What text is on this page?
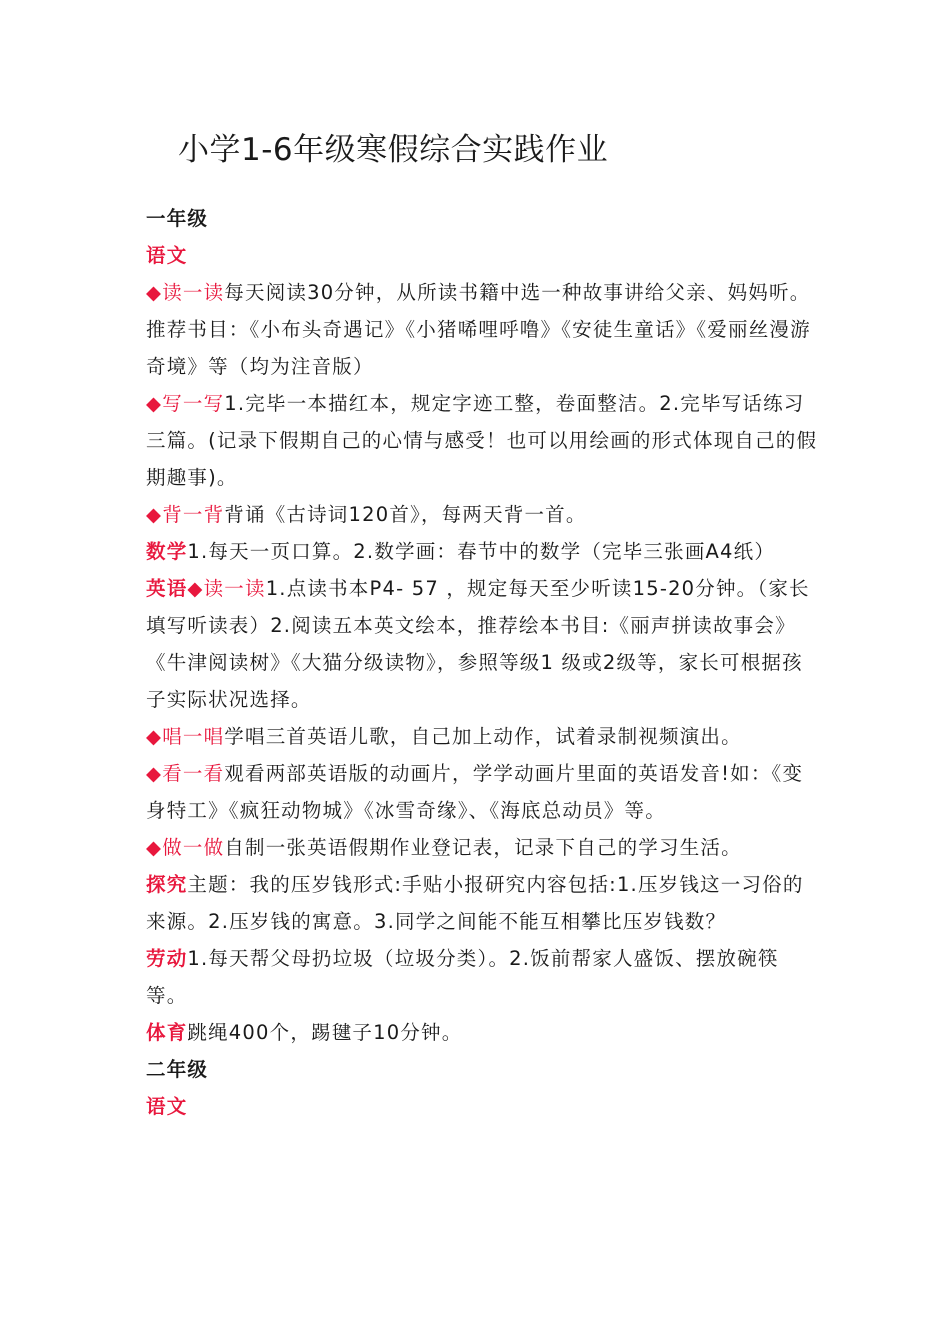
小学1-6年级寒假综合实践作业

一年级

语文

◆读一读每天阅读30分钟，从所读书籍中选一种故事讲给父亲、妈妈听。推荐书目：《小布头奇遇记》《小猪唏哩呼噜》《安徒生童话》《爱丽丝漫游奇境》等（均为注音版）

◆写一写1.完毕一本描红本，规定字迹工整，卷面整洁。2.完毕写话练习三篇。(记录下假期自己的心情与感受！也可以用绘画的形式体现自己的假期趣事)。

◆背一背背诵《古诗词120首》，每两天背一首。

数学1.每天一页口算。2.数学画：春节中的数学（完毕三张画A4纸）

英语◆读一读1.点读书本P4- 57 ，规定每天至少听读15-20分钟。（家长填写听读表）2.阅读五本英文绘本，推荐绘本书目:《丽声拼读故事会》《牛津阅读树》《大猫分级读物》，参照等级1 级或2级等，家长可根据孩子实际状况选择。

◆唱一唱学唱三首英语儿歌，自己加上动作，试着录制视频演出。

◆看一看观看两部英语版的动画片，学学动画片里面的英语发音!如：《变身特工》《疯狂动物城》《冰雪奇缘》、《海底总动员》等。

◆做一做自制一张英语假期作业登记表，记录下自己的学习生活。

探究主题：我的压岁钱形式:手贴小报研究内容包括:1.压岁钱这一习俗的来源。2.压岁钱的寓意。3.同学之间能不能互相攀比压岁钱数？

劳动1.每天帮父母扔垃圾（垃圾分类）。2.饭前帮家人盛饭、摆放碗筷等。

体育跳绳400个，踢毽子10分钟。

二年级

语文
